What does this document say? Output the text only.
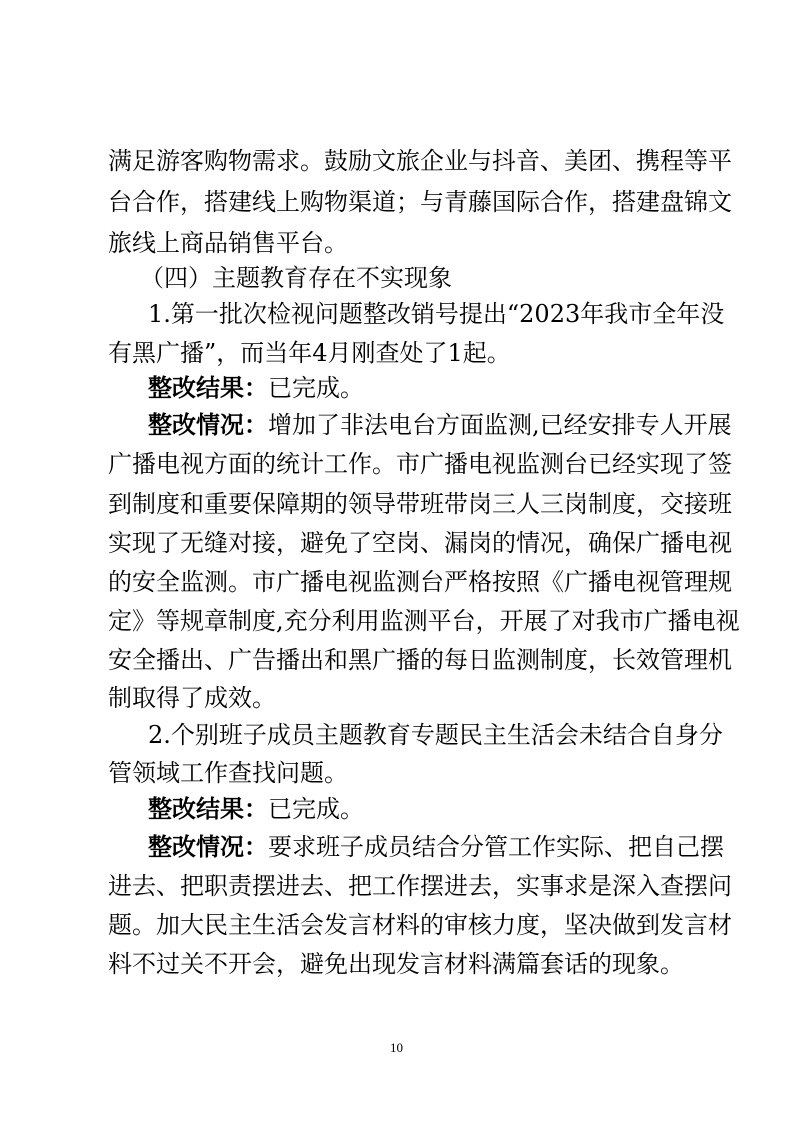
满足游客购物需求。鼓励文旅企业与抖音、美团、携程等平
台合作，搭建线上购物渠道；与青藤国际合作，搭建盘锦文
旅线上商品销售平台。
（四）主题教育存在不实现象
1.第一批次检视问题整改销号提出“2023年我市全年没
有黑广播”，而当年4月刚查处了1起。
整改结果：已完成。
整改情况：增加了非法电台方面监测,已经安排专人开展
广播电视方面的统计工作。市广播电视监测台已经实现了签
到制度和重要保障期的领导带班带岗三人三岗制度，交接班
实现了无缝对接，避免了空岗、漏岗的情况，确保广播电视
的安全监测。市广播电视监测台严格按照《广播电视管理规
定》等规章制度,充分利用监测平台，开展了对我市广播电视
安全播出、广告播出和黑广播的每日监测制度，长效管理机
制取得了成效。
2.个别班子成员主题教育专题民主生活会未结合自身分
管领域工作查找问题。
整改结果：已完成。
整改情况：要求班子成员结合分管工作实际、把自己摆
进去、把职责摆进去、把工作摆进去，实事求是深入查摆问
题。加大民主生活会发言材料的审核力度，坚决做到发言材
料不过关不开会，避免出现发言材料满篇套话的现象。
10
